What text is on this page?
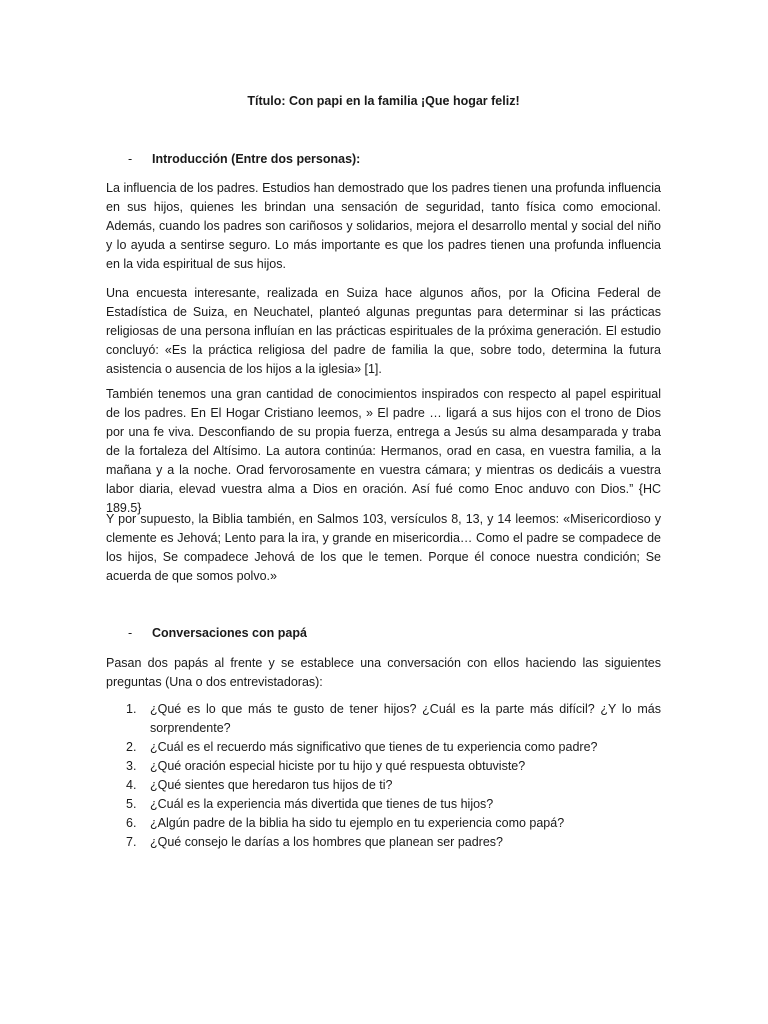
Título: Con papi en la familia ¡Que hogar feliz!
- Introducción (Entre dos personas):

La influencia de los padres. Estudios han demostrado que los padres tienen una profunda influencia en sus hijos, quienes les brindan una sensación de seguridad, tanto física como emocional. Además, cuando los padres son cariñosos y solidarios, mejora el desarrollo mental y social del niño y lo ayuda a sentirse seguro. Lo más importante es que los padres tienen una profunda influencia en la vida espiritual de sus hijos.

Una encuesta interesante, realizada en Suiza hace algunos años, por la Oficina Federal de Estadística de Suiza, en Neuchatel, planteó algunas preguntas para determinar si las prácticas religiosas de una persona influían en las prácticas espirituales de la próxima generación. El estudio concluyó: «Es la práctica religiosa del padre de familia la que, sobre todo, determina la futura asistencia o ausencia de los hijos a la iglesia» [1].

También tenemos una gran cantidad de conocimientos inspirados con respecto al papel espiritual de los padres. En El Hogar Cristiano leemos, » El padre … ligará a sus hijos con el trono de Dios por una fe viva. Desconfiando de su propia fuerza, entrega a Jesús su alma desamparada y traba de la fortaleza del Altísimo. La autora continúa: Hermanos, orad en casa, en vuestra familia, a la mañana y a la noche. Orad fervorosamente en vuestra cámara; y mientras os dedicáis a vuestra labor diaria, elevad vuestra alma a Dios en oración. Así fué como Enoc anduvo con Dios.” {HC 189.5}

Y por supuesto, la Biblia también, en Salmos 103, versículos 8, 13, y 14 leemos: «Misericordioso y clemente es Jehová; Lento para la ira, y grande en misericordia… Como el padre se compadece de los hijos, Se compadece Jehová de los que le temen. Porque él conoce nuestra condición; Se acuerda de que somos polvo.»

- Conversaciones con papá

Pasan dos papás al frente y se establece una conversación con ellos haciendo las siguientes preguntas (Una o dos entrevistadoras):

1. ¿Qué es lo que más te gusto de tener hijos? ¿Cuál es la parte más difícil? ¿Y lo más sorprendente?
2. ¿Cuál es el recuerdo más significativo que tienes de tu experiencia como padre?
3. ¿Qué oración especial hiciste por tu hijo y qué respuesta obtuviste?
4. ¿Qué sientes que heredaron tus hijos de ti?
5. ¿Cuál es la experiencia más divertida que tienes de tus hijos?
6. ¿Algún padre de la biblia ha sido tu ejemplo en tu experiencia como papá?
7. ¿Qué consejo le darías a los hombres que planean ser padres?
